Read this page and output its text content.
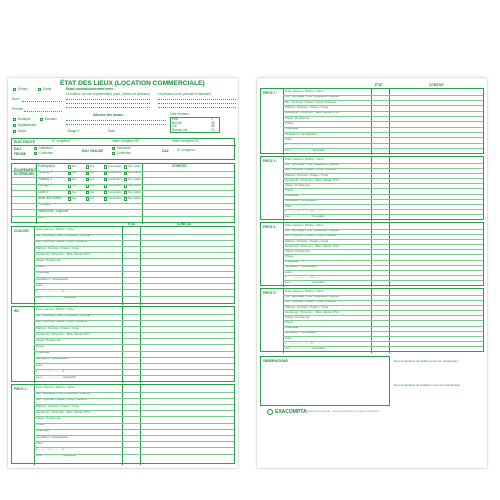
ÉTAT DES LIEUX (LOCATION COMMERCIALE)
Entrée	Sortie	Établi contradictoirement entre :
Le bailleur (ou son représentant) (nom, prénom et adresse)	Le preneur (nom, prénom et adresse)
Nom :
Prénom :
Adresse des locaux :
Boutique	Bureaux
Appartement
Autre :	Étage n°	Date :
Clés remises :
Mod	1
Bot oie	36
Clé	46
Bureau clé	10
ÉLECTRICITÉ	N° compteur	Index compteur HP :	Index compteur HC :
EAU
FROIDE
Individuel
Collective	EAU CHAUDE
Individuel
Collective	GAZ	N° compteur :
ÉQUIPEMENTS EXTÉRIEURS
CONSTAT
Enseigne(s)	Non	Oui	Concordant	Non visible
Parking n°	Non	Oui	Concordant	Non visible
Parking n°	Non	Oui	Concordant	Non visible
Garage n°	Non	Oui	Concordant	Non visible
Cave n°	Non	Oui	Concordant	Non visible
Boîte aux lettres	Non	Oui	Concordant	Non visible
Portail(s)
Interphone / Digicode
Autre :
COULOIR
ÉTAT	CONSTAT
Porte d'accès / Plinthe / Vitres
Sol : Carrelage / Lino / Moquette / Parquet
Mur : Peinture / Papier / Crépi / Faïence
Plafond : Peinture / Papier / Crépi
Fenêtre(s) / Porte-fen. : Bois / Métal / PVC
Volets / Persiennes
Prises
Chauffage
Ventilation / Climatisation
Autre
L. : .......... l. : .......... h. : ..........
Lieu : .......... / .......... Intégralité
WC	Porte d'accès / Plinthe / Vitres
Sol : Carrelage / Lino / Moquette / Parquet
Mur : Peinture / Papier / Crépi / Faïence
Plafond : Peinture / Papier / Crépi
Fenêtre(s) / Porte-fen. : Bois / Métal / PVC
Volets / Persiennes
Prises
Chauffage
Ventilation / Climatisation
Autre
L. : .......... l. : .......... h. : ..........
Lieu : .......... / .......... Intégralité
PIÈCE 1 :	Porte d'accès / Plinthe / Vitres
Sol : Carrelage / Lino / Moquette / Parquet
Mur : Peinture / Papier / Crépi / Faïence
Plafond : Peinture / Papier / Crépi
Fenêtre(s) / Porte-fen. : Bois / Métal / PVC
Volets / Persiennes
Prises
Chauffage
Ventilation / Climatisation
Autre
L. : .......... l. : .......... h. : ..........
Lieu : .......... / .......... Intégralité
ÉTAT	CONSTAT
PIÈCE 2 :	Porte d'accès / Plinthe / Vitres
Sol : Carrelage / Lino / Moquette / Parquet
Mur : Peinture / Papier / Crépi / Faïence
Plafond : Peinture / Papier / Crépi
Fenêtre(s) / Porte-fen. : Bois / Métal / PVC
Volets / Persiennes
Prises
Chauffage
Ventilation / Climatisation
Autre
L. : .......... l. : .......... h. : ..........
Lieu : .......... / .......... Intégralité
PIÈCE 3 :	Porte d'accès / Plinthe / Vitres
Sol : Carrelage / Lino / Moquette / Parquet
Mur : Peinture / Papier / Crépi / Faïence
Plafond : Peinture / Papier / Crépi
Fenêtre(s) / Porte-fen. : Bois / Métal / PVC
Volets / Persiennes
Prises
Chauffage
Ventilation / Climatisation
Autre
L. : .......... l. : .......... h. : ..........
Lieu : .......... / .......... Intégralité
PIÈCE 4 :	Porte d'accès / Plinthe / Vitres
Sol : Carrelage / Lino / Moquette / Parquet
Mur : Peinture / Papier / Crépi / Faïence
Plafond : Peinture / Papier / Crépi
Fenêtre(s) / Porte-fen. : Bois / Métal / PVC
Volets / Persiennes
Prises
Chauffage
Ventilation / Climatisation
Autre
L. : .......... l. : .......... h. : ..........
Lieu : .......... / .......... Intégralité
PIÈCE 5 :	Porte d'accès / Plinthe / Vitres
Sol : Carrelage / Lino / Moquette / Parquet
Mur : Peinture / Papier / Crépi / Faïence
Plafond : Peinture / Papier / Crépi
Fenêtre(s) / Porte-fen. : Bois / Métal / PVC
Volets / Persiennes
Prises
Chauffage
Ventilation / Climatisation
Autre
L. : .......... l. : .......... h. : ..........
Lieu : .......... / .......... Intégralité
OBSERVATIONS	Nom et signature du bailleur ou de son représentant
Nom et signature du locataire ou de son représentant
EXACOMPTA Reproduction interdite · Document destiné à un usage professionnel
